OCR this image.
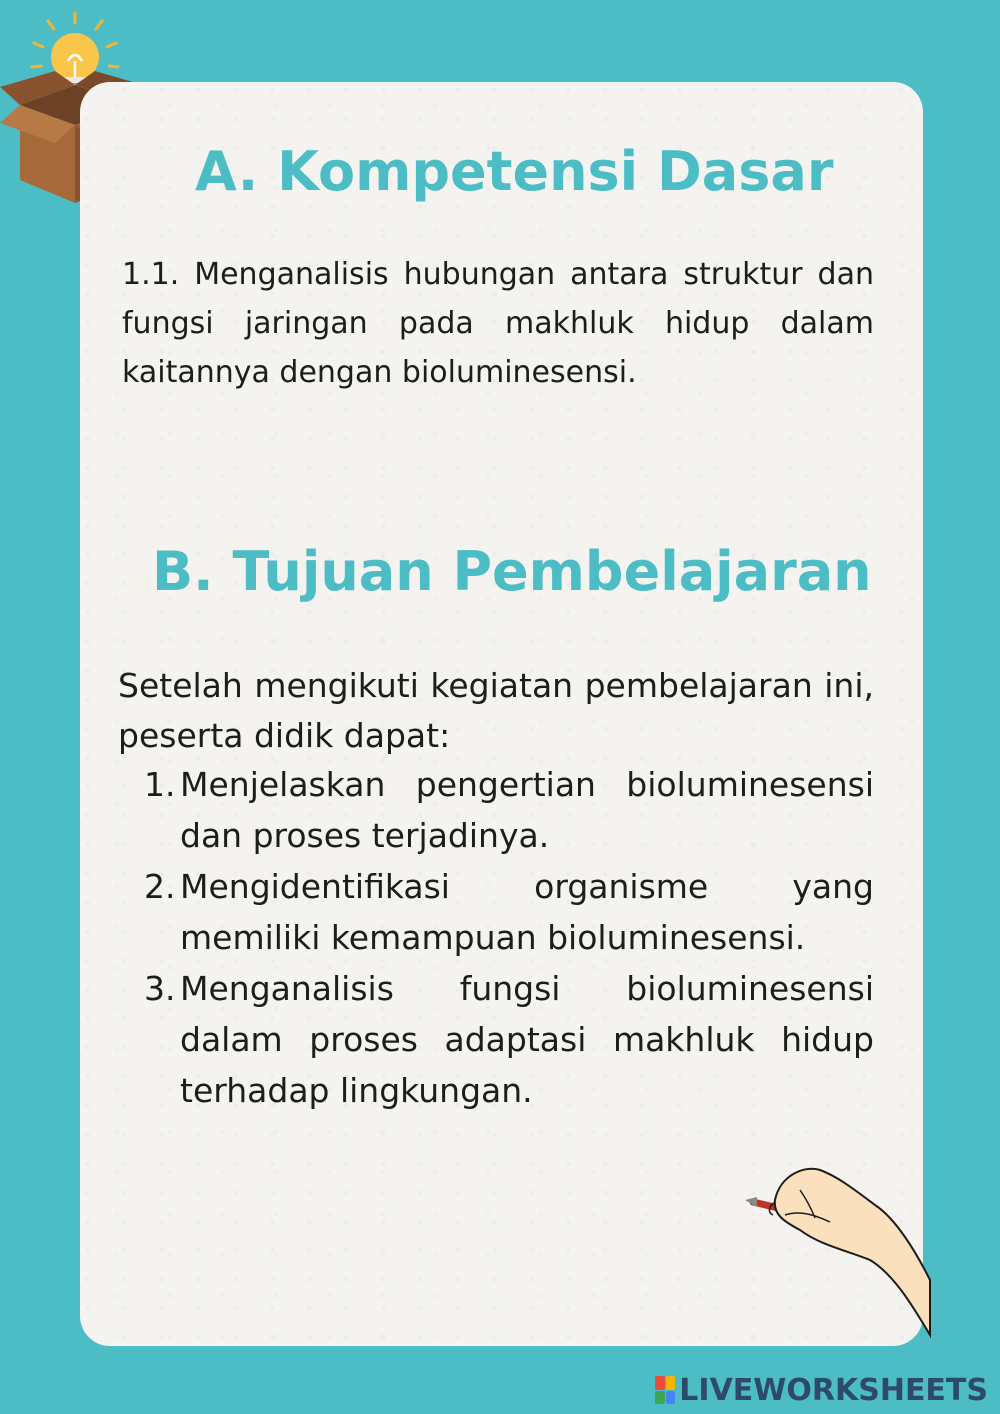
A. Kompetensi Dasar

1.1. Menganalisis hubungan antara struktur dan fungsi jaringan pada makhluk hidup dalam kaitannya dengan bioluminesensi.

B. Tujuan Pembelajaran

Setelah mengikuti kegiatan pembelajaran ini, peserta didik dapat:

1. Menjelaskan pengertian bioluminesensi dan proses terjadinya.
2. Mengidentifikasi organisme yang memiliki kemampuan bioluminesensi.
3. Menganalisis fungsi bioluminesensi dalam proses adaptasi makhluk hidup terhadap lingkungan.
LIVEWORKSHEETS
